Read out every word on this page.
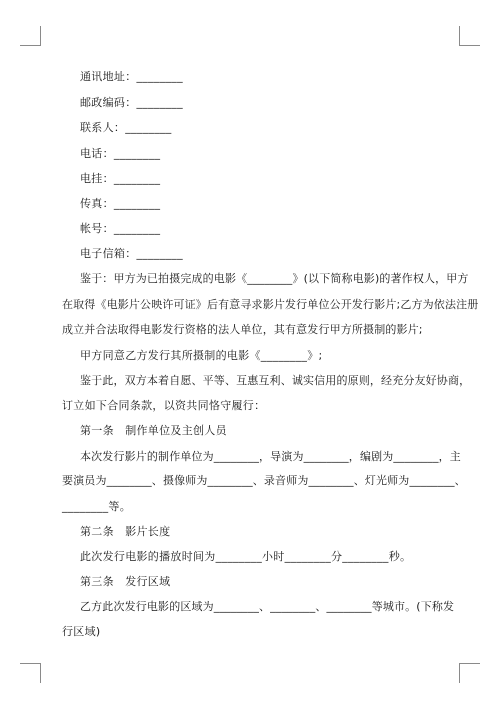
通讯地址：________
邮政编码：________
联系人：________
电话：________
电挂：________
传真：________
帐号：________
电子信箱：________
鉴于：甲方为已拍摄完成的电影《________》(以下简称电影)的著作权人，甲方
在取得《电影片公映许可证》后有意寻求影片发行单位公开发行影片;乙方为依法注册
成立并合法取得电影发行资格的法人单位，其有意发行甲方所摄制的影片;
甲方同意乙方发行其所摄制的电影《________》;
鉴于此，双方本着自愿、平等、互惠互利、诚实信用的原则，经充分友好协商，
订立如下合同条款，以资共同恪守履行：
第一条　制作单位及主创人员
本次发行影片的制作单位为________，导演为________，编剧为________，主
要演员为________、摄像师为________、录音师为________、灯光师为________、
________等。
第二条　影片长度
此次发行电影的播放时间为________小时________分________秒。
第三条　发行区域
乙方此次发行电影的区域为________、________、________等城市。(下称发
行区域)
